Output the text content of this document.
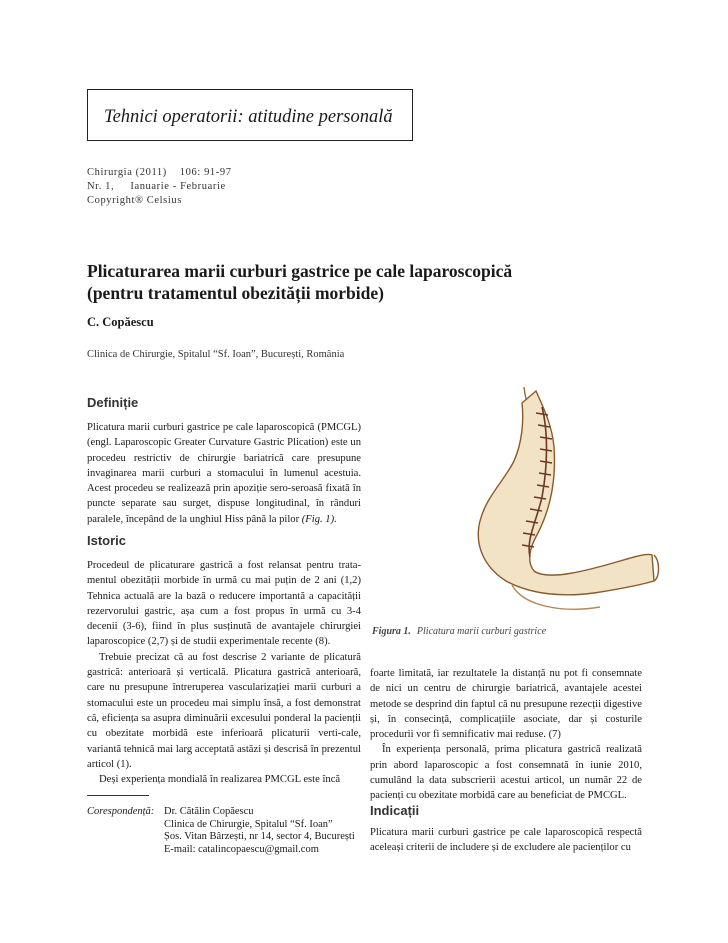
Tehnici operatorii: atitudine personală
Chirurgia (2011)    106: 91-97
Nr. 1,     Ianuarie - Februarie
Copyright® Celsius
Plicaturarea marii curburi gastrice pe cale laparoscopică
(pentru tratamentul obezității morbide)
C. Copăescu
Clinica de Chirurgie, Spitalul “Sf. Ioan”, București, România
Definiție

Plicatura marii curburi gastrice pe cale laparoscopică (PMCGL) (engl. Laparoscopic Greater Curvature Gastric Plication) este un procedeu restrictiv de chirurgie bariatrică care presupune invaginarea marii curburi a stomacului în lumenul acestuia. Acest procedeu se realizează prin apoziție sero-seroasă fixată în puncte separate sau surget, dispuse longitudinal, în rânduri paralele, începând de la unghiul Hiss până la pilor (Fig. 1).

Istoric

Procedeul de plicaturare gastrică a fost relansat pentru trata-mentul obezității morbide în urmă cu mai puțin de 2 ani (1,2) Tehnica actuală are la bază o reducere importantă a capacității rezervorului gastric, așa cum a fost propus în urmă cu 3-4 decenii (3-6), fiind în plus susținută de avantajele chirurgiei laparoscopice (2,7) și de studii experimentale recente (8).

Trebuie precizat că au fost descrise 2 variante de plicatură gastrică: anterioară și verticală. Plicatura gastrică anterioară, care nu presupune întreruperea vascularizației marii curburi a stomacului este un procedeu mai simplu însă, a fost demonstrat că, eficiența sa asupra diminuării excesului ponderal la pacienții cu obezitate morbidă este inferioară plicaturii verti-cale, variantă tehnică mai larg acceptată astăzi și descrisă în prezentul articol (1).

Deși experiența mondială în realizarea PMCGL este încă

Figura 1. Plicatura marii curburi gastrice

foarte limitată, iar rezultatele la distanță nu pot fi consemnate de nici un centru de chirurgie bariatrică, avantajele acestei metode se desprind din faptul că nu presupune rezecții digestive și, în consecință, complicațiile asociate, dar și costurile procedurii vor fi semnificativ mai reduse. (7)

În experiența personală, prima plicatura gastrică realizată prin abord laparoscopic a fost consemnată în iunie 2010, cumulând la data subscrierii acestui articol, un număr 22 de pacienți cu obezitate morbidă care au beneficiat de PMCGL.

Indicații

Plicatura marii curburi gastrice pe cale laparoscopică respectă aceleași criterii de includere și de excludere ale pacienților cu

Corespondență: Dr. Cătălin Copăescu
Clinica de Chirurgie, Spitalul “Sf. Ioan”
Șos. Vitan Bârzești, nr 14, sector 4, București
E-mail: catalincopaescu@gmail.com
